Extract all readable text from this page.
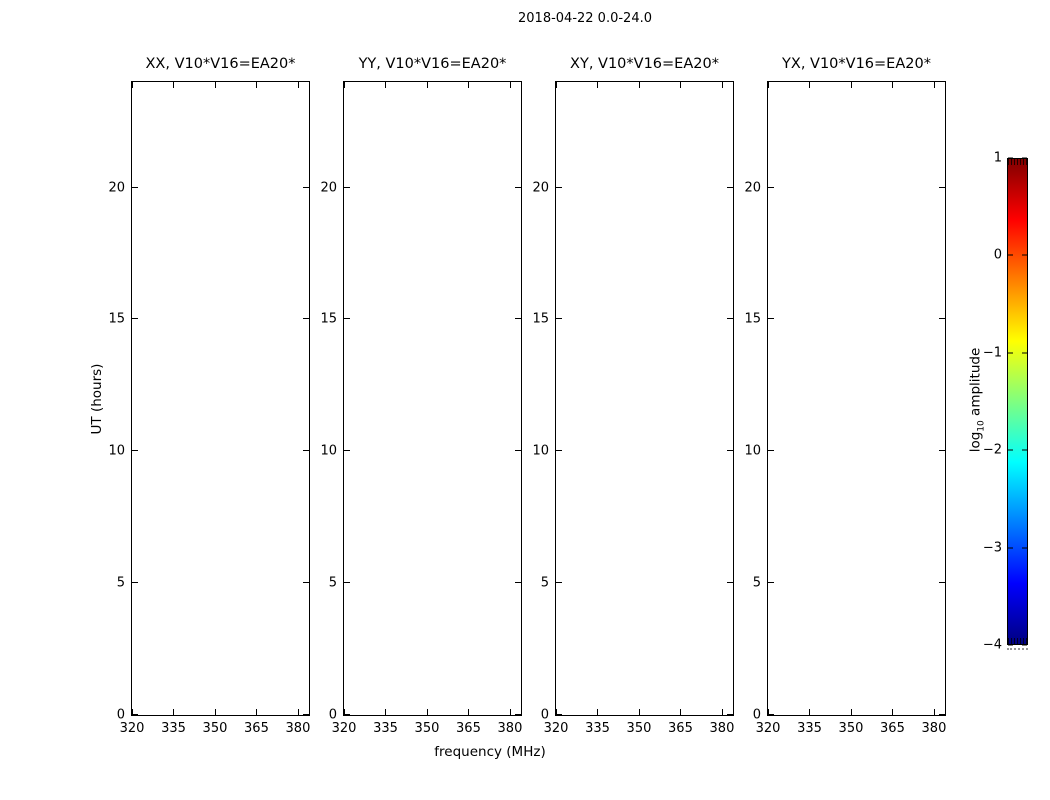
2018-04-22 0.0-24.0
XX, V10*V16=EA20*
320 335 350 365 380
0
5
10
15
20
YY, V10*V16=EA20*
320 335 350 365 380
0
5
10
15
20
XY, V10*V16=EA20*
320 335 350 365 380
0
5
10
15
20
YX, V10*V16=EA20*
320 335 350 365 380
0
5
10
15
20
UT (hours)
frequency (MHz)
1
0
−1
−2
−3
−4
$\log_{10}$ amplitude
